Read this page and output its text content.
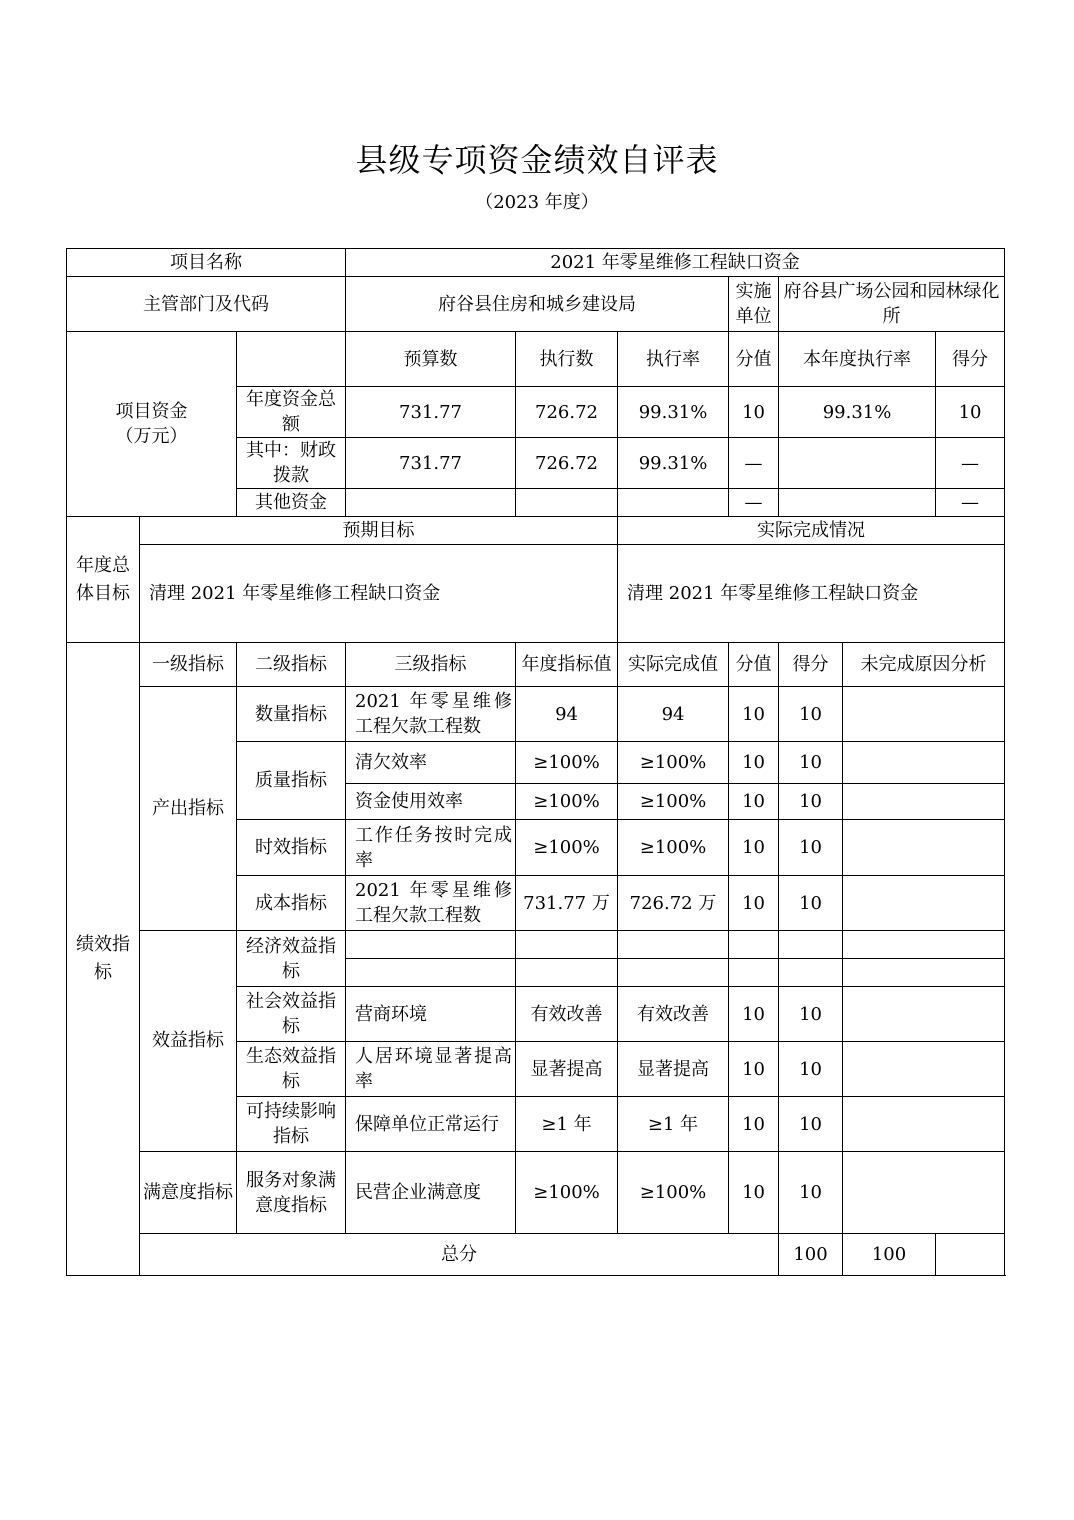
县级专项资金绩效自评表
（2023 年度）
项目名称			2021 年零星维修工程缺口资金						
主管部门及代码			府谷县住房和城乡建设局			实施单位	府谷县广场公园和园林绿化所		
项目资金
（万元）			预算数	执行数	执行率	分值	本年度执行率		得分
		年度资金总额	731.77	726.72	99.31%	10	99.31%		10
		其中：财政拨款	731.77	726.72	99.31%	—			—
		其他资金				—			—
年度总体目标	预期目标				实际完成情况				
	清理 2021 年零星维修工程缺口资金				清理 2021 年零星维修工程缺口资金				
绩效指标	一级指标	二级指标	三级指标	年度指标值	实际完成值	分值	得分	未完成原因分析	
	产出指标	数量指标	2021 年零星维修工程欠款工程数	94	94	10	10		
		质量指标	清欠效率	≥100%	≥100%	10	10		
			资金使用效率	≥100%	≥100%	10	10		
		时效指标	工作任务按时完成率	≥100%	≥100%	10	10		
		成本指标	2021 年零星维修工程欠款工程数	731.77 万	726.72 万	10	10		
	效益指标	经济效益指标							

		社会效益指标	营商环境	有效改善	有效改善	10	10		
		生态效益指标	人居环境显著提高率	显著提高	显著提高	10	10		
		可持续影响指标	保障单位正常运行	≥1 年	≥1 年	10	10		
	满意度指标	服务对象满意度指标	民营企业满意度	≥100%	≥100%	10	10		
	总分						100	100	
